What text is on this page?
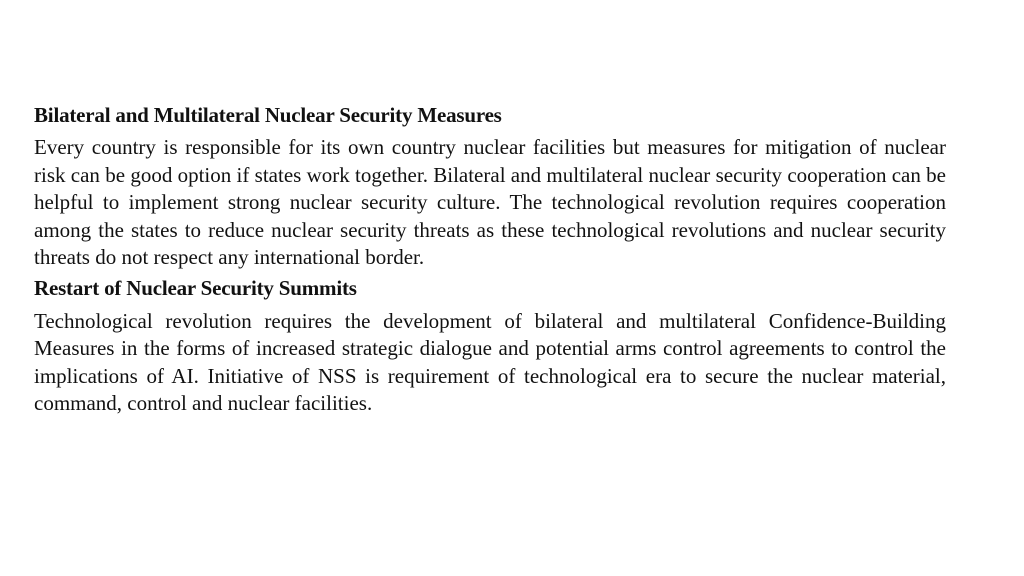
Bilateral and Multilateral Nuclear Security Measures

Every country is responsible for its own country nuclear facilities but measures for mitigation of nuclear risk can be good option if states work together. Bilateral and multilateral nuclear security cooperation can be helpful to implement strong nuclear security culture. The technological revolution requires cooperation among the states to reduce nuclear security threats as these technological revolutions and nuclear security threats do not respect any international border.

Restart of Nuclear Security Summits

Technological revolution requires the development of bilateral and multilateral Confidence-Building Measures in the forms of increased strategic dialogue and potential arms control agreements to control the implications of AI. Initiative of NSS is requirement of technological era to secure the nuclear material, command, control and nuclear facilities.
